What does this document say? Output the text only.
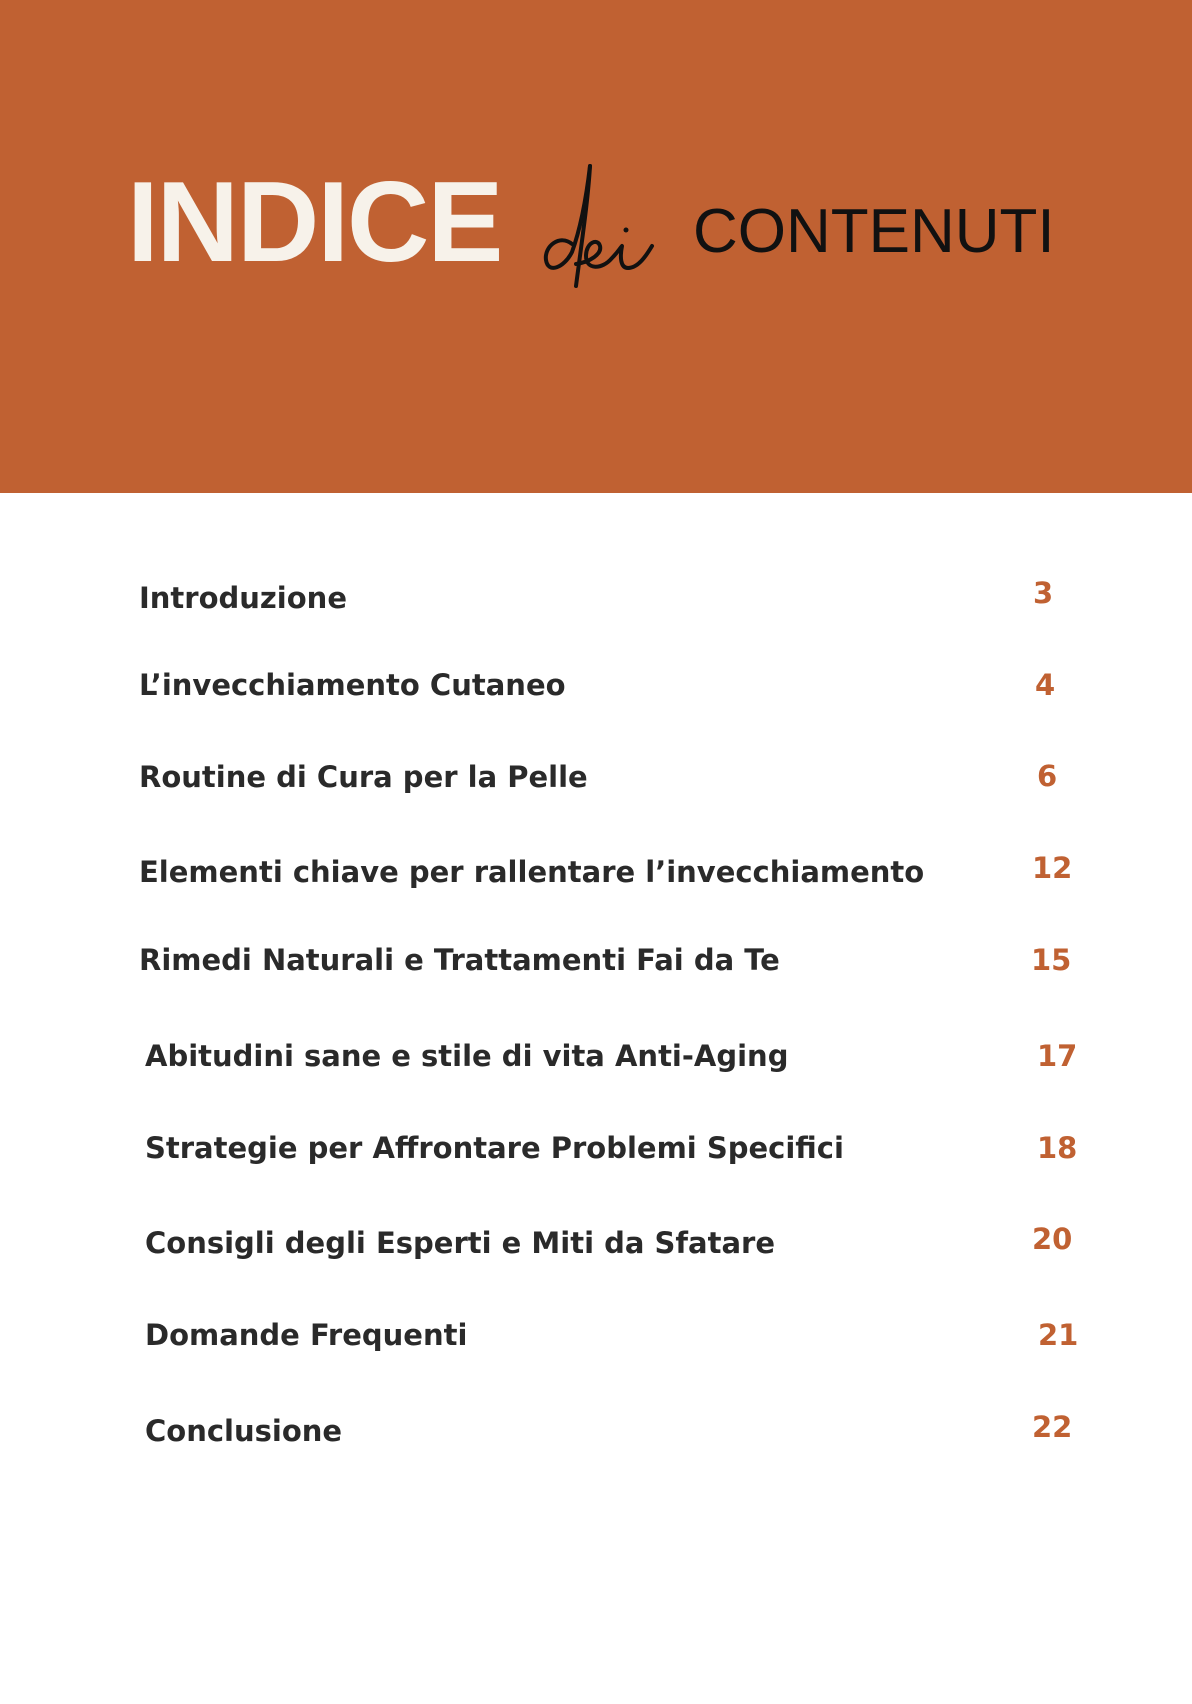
INDICE	CONTENUTI
Introduzione	3
L’invecchiamento Cutaneo	4
Routine di Cura per la Pelle	6
Elementi chiave per rallentare l’invecchiamento	12
Rimedi Naturali e Trattamenti Fai da Te	15
Abitudini sane e stile di vita Anti-Aging	17
Strategie per Affrontare Problemi Specifici	18
Consigli degli Esperti e Miti da Sfatare	20
Domande Frequenti	21
Conclusione	22
